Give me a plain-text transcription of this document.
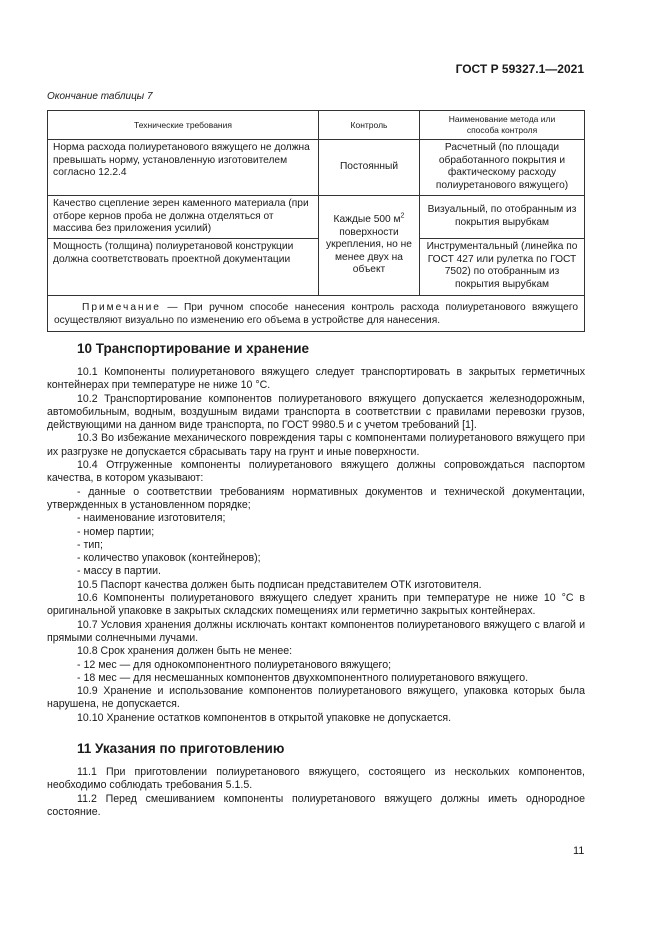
ГОСТ Р 59327.1—2021
Окончание таблицы 7
Технические требования	Контроль	Наименование метода или способа контроля
Норма расхода полиуретанового вяжущего не должна превышать норму, установленную изготовителем согласно 12.2.4	Постоянный	Расчетный (по площади обработанного покрытия и фактическому расходу полиуретанового вяжущего)
Качество сцепление зерен каменного материала (при отборе кернов проба не должна отделяться от массива без приложения усилий)	Каждые 500 $м^2$ поверхности укрепления, но не менее двух на объект	Визуальный, по отобранным из покрытия вырубкам
Мощность (толщина) полиуретановой конструкции должна соответствовать проектной документации		Инструментальный (линейка по ГОСТ 427 или рулетка по ГОСТ 7502) по отобранным из покрытия вырубкам
Примечание — При ручном способе нанесения контроль расхода полиуретанового вяжущего осуществляют визуально по изменению его объема в устройстве для нанесения.		
10 Транспортирование и хранение

10.1 Компоненты полиуретанового вяжущего следует транспортировать в закрытых герметичных контейнерах при температуре не ниже 10 °С.

10.2 Транспортирование компонентов полиуретанового вяжущего допускается железнодорожным, автомобильным, водным, воздушным видами транспорта в соответствии с правилами перевозки грузов, действующими на данном виде транспорта, по ГОСТ 9980.5 и с учетом требований [1].

10.3 Во избежание механического повреждения тары с компонентами полиуретанового вяжущего при их разгрузке не допускается сбрасывать тару на грунт и иные поверхности.

10.4 Отгруженные компоненты полиуретанового вяжущего должны сопровождаться паспортом качества, в котором указывают:

- данные о соответствии требованиям нормативных документов и технической документации, утвержденных в установленном порядке;

- наименование изготовителя;

- номер партии;

- тип;

- количество упаковок (контейнеров);

- массу в партии.

10.5 Паспорт качества должен быть подписан представителем ОТК изготовителя.

10.6 Компоненты полиуретанового вяжущего следует хранить при температуре не ниже 10 °С в оригинальной упаковке в закрытых складских помещениях или герметично закрытых контейнерах.

10.7 Условия хранения должны исключать контакт компонентов полиуретанового вяжущего с влагой и прямыми солнечными лучами.

10.8 Срок хранения должен быть не менее:

- 12 мес — для однокомпонентного полиуретанового вяжущего;

- 18 мес — для несмешанных компонентов двухкомпонентного полиуретанового вяжущего.

10.9 Хранение и использование компонентов полиуретанового вяжущего, упаковка которых была нарушена, не допускается.

10.10 Хранение остатков компонентов в открытой упаковке не допускается.

11 Указания по приготовлению

11.1 При приготовлении полиуретанового вяжущего, состоящего из нескольких компонентов, необходимо соблюдать требования 5.1.5.

11.2 Перед смешиванием компоненты полиуретанового вяжущего должны иметь однородное состояние.

11
